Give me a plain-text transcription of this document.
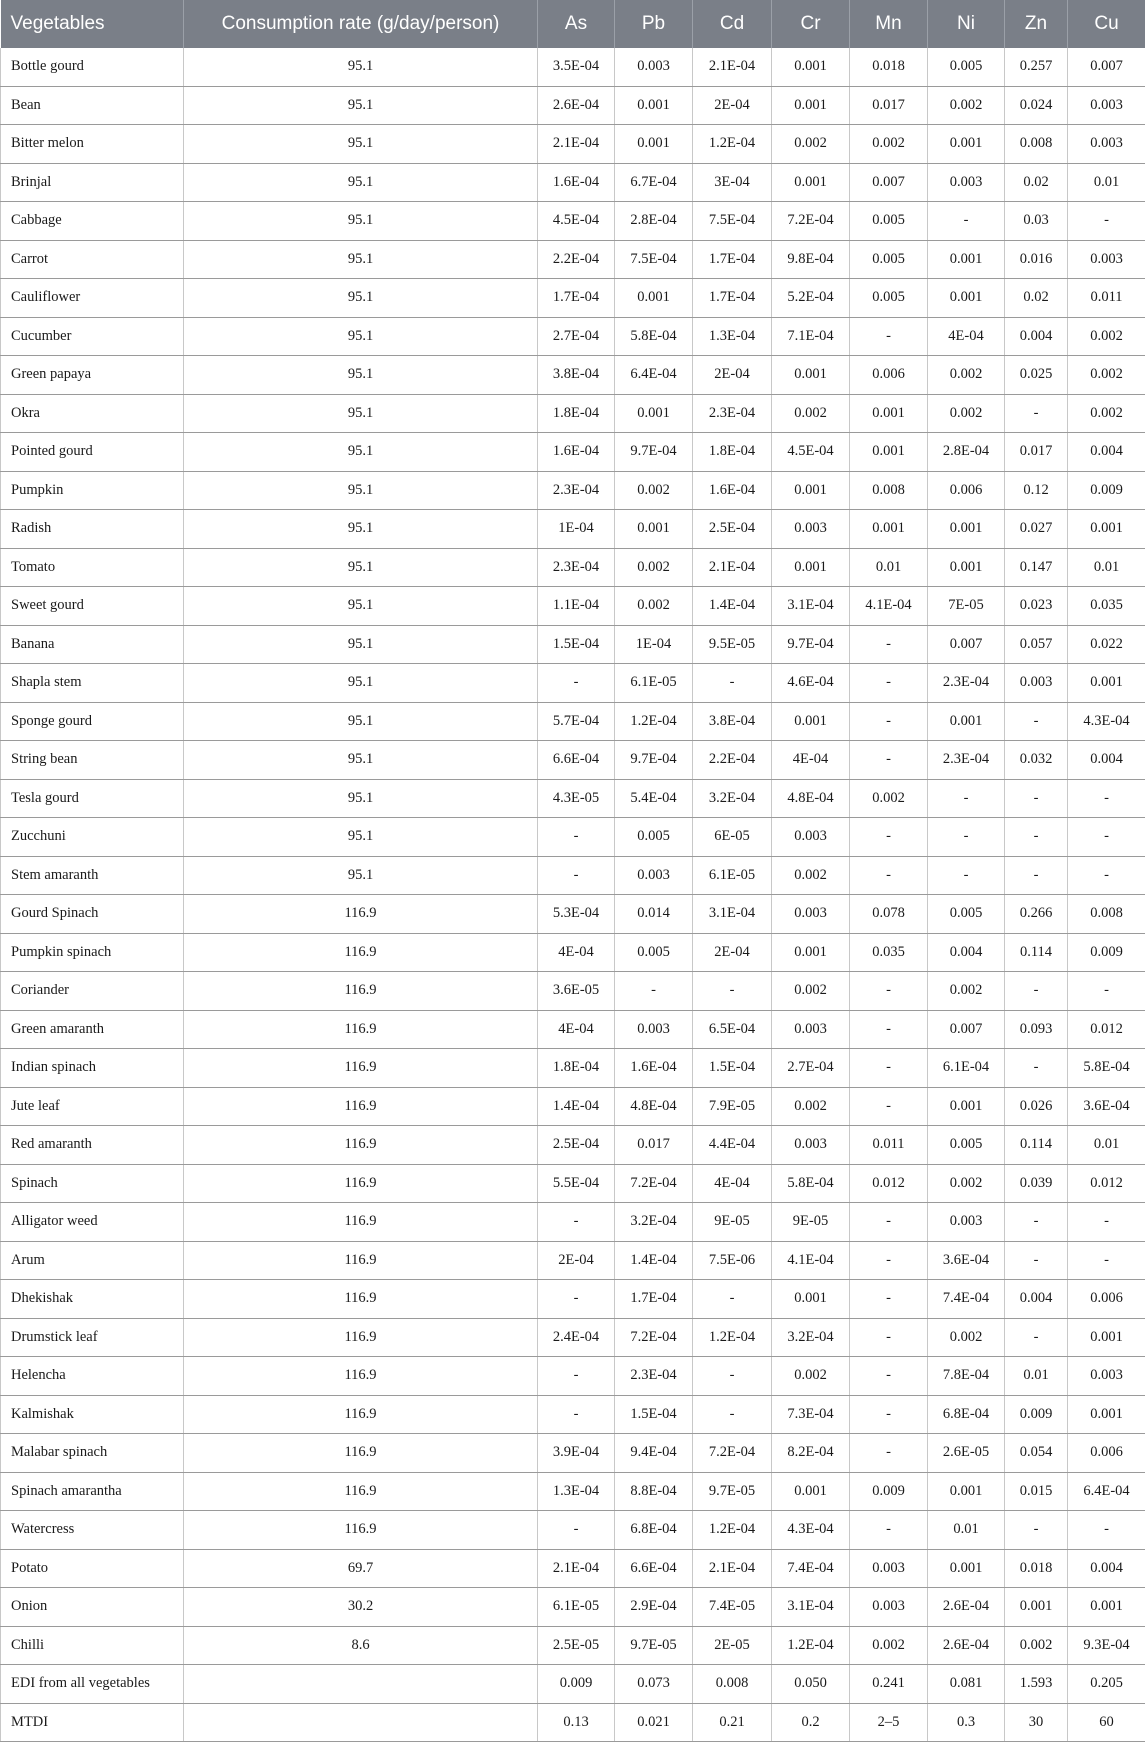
Vegetables	Consumption rate (g/day/person)	As	Pb	Cd	Cr	Mn	Ni	Zn	Cu
Bottle gourd	95.1	3.5E-04	0.003	2.1E-04	0.001	0.018	0.005	0.257	0.007
Bean	95.1	2.6E-04	0.001	2E-04	0.001	0.017	0.002	0.024	0.003
Bitter melon	95.1	2.1E-04	0.001	1.2E-04	0.002	0.002	0.001	0.008	0.003
Brinjal	95.1	1.6E-04	6.7E-04	3E-04	0.001	0.007	0.003	0.02	0.01
Cabbage	95.1	4.5E-04	2.8E-04	7.5E-04	7.2E-04	0.005	-	0.03	-
Carrot	95.1	2.2E-04	7.5E-04	1.7E-04	9.8E-04	0.005	0.001	0.016	0.003
Cauliflower	95.1	1.7E-04	0.001	1.7E-04	5.2E-04	0.005	0.001	0.02	0.011
Cucumber	95.1	2.7E-04	5.8E-04	1.3E-04	7.1E-04	-	4E-04	0.004	0.002
Green papaya	95.1	3.8E-04	6.4E-04	2E-04	0.001	0.006	0.002	0.025	0.002
Okra	95.1	1.8E-04	0.001	2.3E-04	0.002	0.001	0.002	-	0.002
Pointed gourd	95.1	1.6E-04	9.7E-04	1.8E-04	4.5E-04	0.001	2.8E-04	0.017	0.004
Pumpkin	95.1	2.3E-04	0.002	1.6E-04	0.001	0.008	0.006	0.12	0.009
Radish	95.1	1E-04	0.001	2.5E-04	0.003	0.001	0.001	0.027	0.001
Tomato	95.1	2.3E-04	0.002	2.1E-04	0.001	0.01	0.001	0.147	0.01
Sweet gourd	95.1	1.1E-04	0.002	1.4E-04	3.1E-04	4.1E-04	7E-05	0.023	0.035
Banana	95.1	1.5E-04	1E-04	9.5E-05	9.7E-04	-	0.007	0.057	0.022
Shapla stem	95.1	-	6.1E-05	-	4.6E-04	-	2.3E-04	0.003	0.001
Sponge gourd	95.1	5.7E-04	1.2E-04	3.8E-04	0.001	-	0.001	-	4.3E-04
String bean	95.1	6.6E-04	9.7E-04	2.2E-04	4E-04	-	2.3E-04	0.032	0.004
Tesla gourd	95.1	4.3E-05	5.4E-04	3.2E-04	4.8E-04	0.002	-	-	-
Zucchuni	95.1	-	0.005	6E-05	0.003	-	-	-	-
Stem amaranth	95.1	-	0.003	6.1E-05	0.002	-	-	-	-
Gourd Spinach	116.9	5.3E-04	0.014	3.1E-04	0.003	0.078	0.005	0.266	0.008
Pumpkin spinach	116.9	4E-04	0.005	2E-04	0.001	0.035	0.004	0.114	0.009
Coriander	116.9	3.6E-05	-	-	0.002	-	0.002	-	-
Green amaranth	116.9	4E-04	0.003	6.5E-04	0.003	-	0.007	0.093	0.012
Indian spinach	116.9	1.8E-04	1.6E-04	1.5E-04	2.7E-04	-	6.1E-04	-	5.8E-04
Jute leaf	116.9	1.4E-04	4.8E-04	7.9E-05	0.002	-	0.001	0.026	3.6E-04
Red amaranth	116.9	2.5E-04	0.017	4.4E-04	0.003	0.011	0.005	0.114	0.01
Spinach	116.9	5.5E-04	7.2E-04	4E-04	5.8E-04	0.012	0.002	0.039	0.012
Alligator weed	116.9	-	3.2E-04	9E-05	9E-05	-	0.003	-	-
Arum	116.9	2E-04	1.4E-04	7.5E-06	4.1E-04	-	3.6E-04	-	-
Dhekishak	116.9	-	1.7E-04	-	0.001	-	7.4E-04	0.004	0.006
Drumstick leaf	116.9	2.4E-04	7.2E-04	1.2E-04	3.2E-04	-	0.002	-	0.001
Helencha	116.9	-	2.3E-04	-	0.002	-	7.8E-04	0.01	0.003
Kalmishak	116.9	-	1.5E-04	-	7.3E-04	-	6.8E-04	0.009	0.001
Malabar spinach	116.9	3.9E-04	9.4E-04	7.2E-04	8.2E-04	-	2.6E-05	0.054	0.006
Spinach amarantha	116.9	1.3E-04	8.8E-04	9.7E-05	0.001	0.009	0.001	0.015	6.4E-04
Watercress	116.9	-	6.8E-04	1.2E-04	4.3E-04	-	0.01	-	-
Potato	69.7	2.1E-04	6.6E-04	2.1E-04	7.4E-04	0.003	0.001	0.018	0.004
Onion	30.2	6.1E-05	2.9E-04	7.4E-05	3.1E-04	0.003	2.6E-04	0.001	0.001
Chilli	8.6	2.5E-05	9.7E-05	2E-05	1.2E-04	0.002	2.6E-04	0.002	9.3E-04
EDI from all vegetables		0.009	0.073	0.008	0.050	0.241	0.081	1.593	0.205
MTDI		0.13	0.021	0.21	0.2	2–5	0.3	30	60
